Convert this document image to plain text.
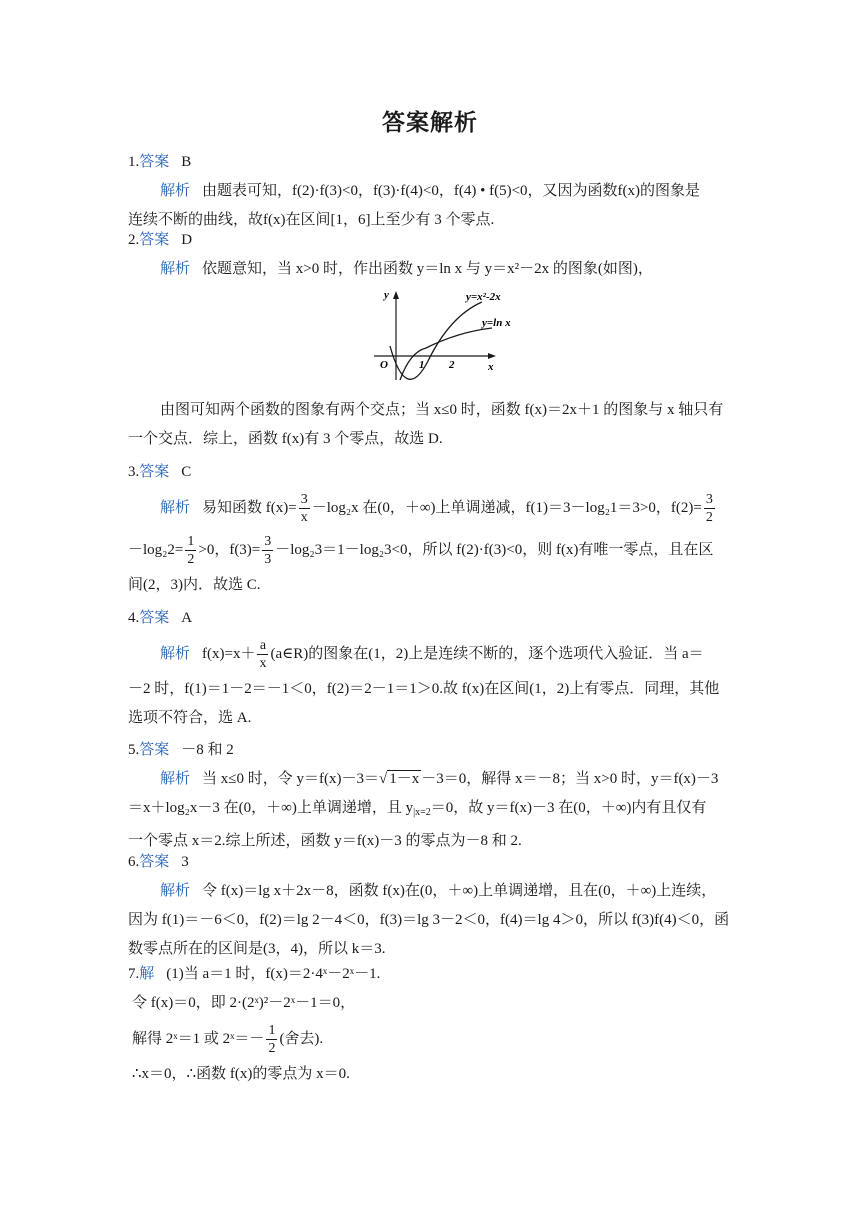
答案解析
1.答案 B
解析 由题表可知，f(2)·f(3)<0，f(3)·f(4)<0，f(4) • f(5)<0，又因为函数f(x)的图象是
连续不断的曲线，故f(x)在区间[1，6]上至少有 3 个零点.
2.答案 D
解析 依题意知，当 x>0 时，作出函数 y＝ln x 与 y＝x²－2x 的图象(如图)，
y
x
O	1 2
y=x²-2x
y=ln x
由图可知两个函数的图象有两个交点；当 x≤0 时，函数 f(x)＝2x＋1 的图象与 x 轴只有
一个交点．综上，函数 f(x)有 3 个零点，故选 D.
3.答案 C
解析 易知函数 $f(x)= \frac{3}{x} -\log_2x$ 在(0，＋∞)上单调递减，f(1)＝3－log₂1＝3>0，$f(2)= \frac{3}{2}$
$-\log_22= \frac{1}{2} >0$，$f(3)= \frac{3}{3} -\log_23=1-\log_23<0$，所以 f(2)·f(3)<0，则 f(x)有唯一零点，且在区
间(2，3)内．故选 C.
4.答案 A
解析 $f(x)=x+ \frac{a}{x}$ (a∈R)的图象在(1，2)上是连续不断的，逐个选项代入验证．当 a＝
－2 时，f(1)＝1－2＝－1＜0，f(2)＝2－1＝1＞0.故 f(x)在区间(1，2)上有零点．同理，其他
选项不符合，选 A.
5.答案 －8 和 2
解析 当 x≤0 时，令 y＝f(x)－3＝√ 1－x －3＝0，解得 x＝－8；当 x>0 时，y＝f(x)－3
＝x＋log₂x－3 在(0，＋∞)上单调递增，且 $y_{|x=2}=0$，故 y＝f(x)－3 在(0，＋∞)内有且仅有
一个零点 x＝2.综上所述，函数 y＝f(x)－3 的零点为－8 和 2.
6.答案 3
解析 令 f(x)＝lg x＋2x－8，函数 f(x)在(0，＋∞)上单调递增，且在(0，＋∞)上连续，
因为 f(1)＝－6＜0，f(2)＝lg 2－4＜0，f(3)＝lg 3－2＜0，f(4)＝lg 4＞0，所以 f(3)f(4)＜0，函
数零点所在的区间是(3，4)，所以 k＝3.
7.解 (1)当 a＝1 时，f(x)＝2·4ˣ－2ˣ－1.
令 f(x)＝0，即 2·(2ˣ)²－2ˣ－1＝0，
解得 2ˣ＝1 或 2ˣ＝－ $\frac{1}{2}$ (舍去).
∴x＝0，∴函数 f(x)的零点为 x＝0.
